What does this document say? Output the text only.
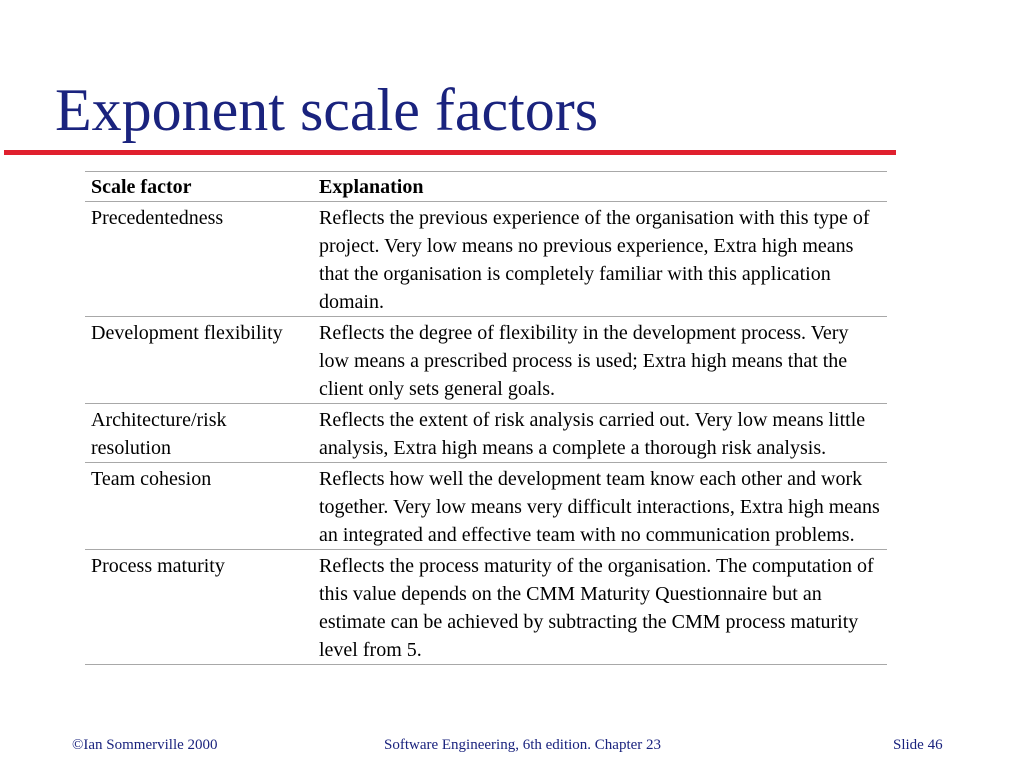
Exponent scale factors
Scale factor	Explanation
Precedentedness	Reflects the previous experience of the organisation with this type of project. Very low means no previous experience, Extra high means that the organisation is completely familiar with this application domain.
Development flexibility	Reflects the degree of flexibility in the development process. Very low means a prescribed process is used; Extra high means that the client only sets general goals.
Architecture/risk resolution	Reflects the extent of risk analysis carried out. Very low means little analysis, Extra high means a complete a thorough risk analysis.
Team cohesion	Reflects how well the development team know each other and work together. Very low means very difficult interactions, Extra high means an integrated and effective team with no communication problems.
Process maturity	Reflects the process maturity of the organisation. The computation of this value depends on the CMM Maturity Questionnaire but an estimate can be achieved by subtracting the CMM process maturity level from 5.
©Ian Sommerville 2000	Software Engineering, 6th edition. Chapter 23	Slide 46
